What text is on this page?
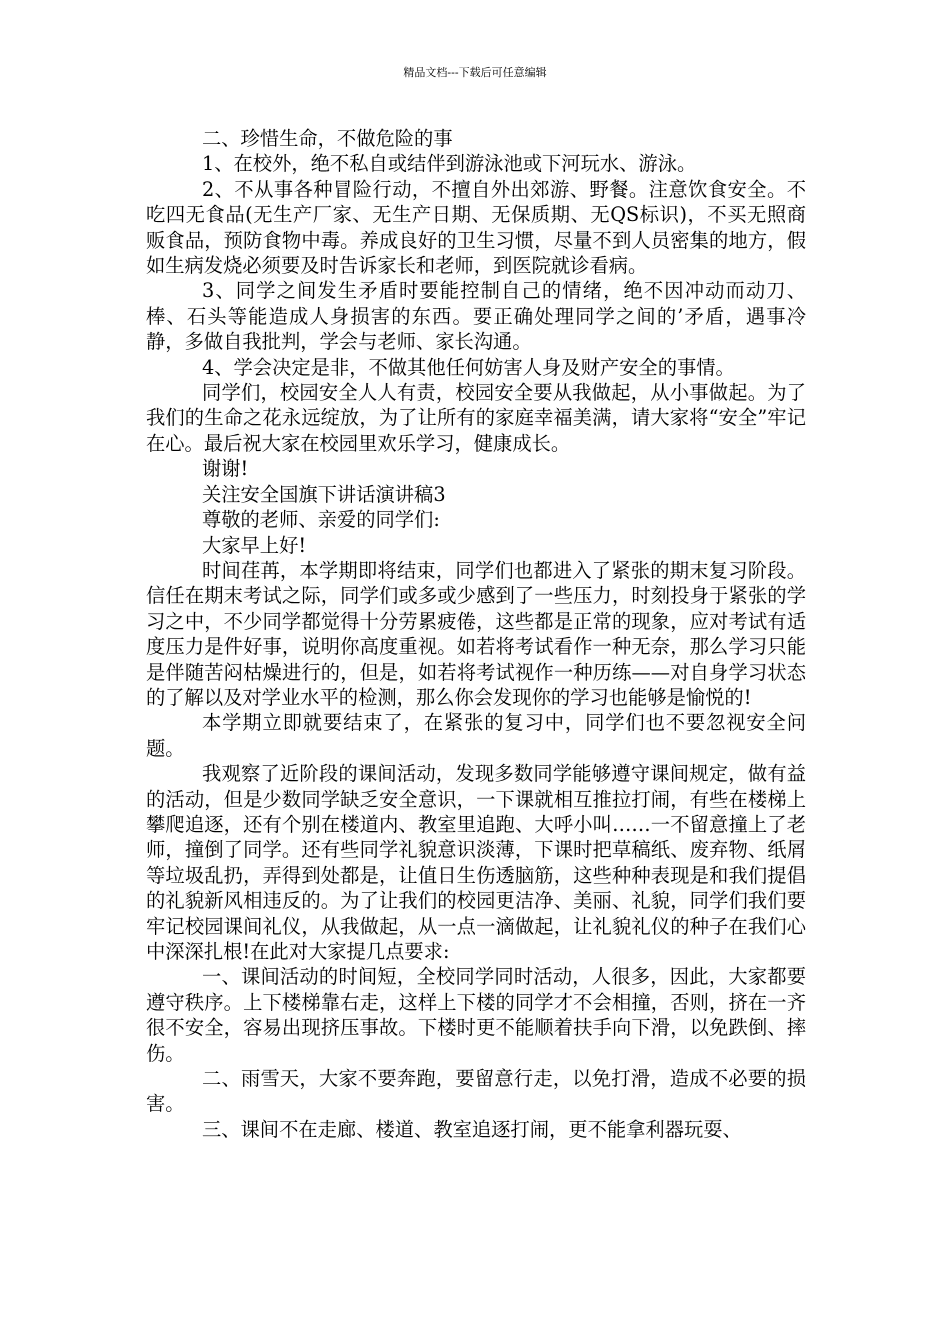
精品文档---下载后可任意编辑

二、珍惜生命，不做危险的事

1、在校外，绝不私自或结伴到游泳池或下河玩水、游泳。

2、不从事各种冒险行动，不擅自外出郊游、野餐。注意饮食安全。不吃四无食品(无生产厂家、无生产日期、无保质期、无QS标识)，不买无照商贩食品，预防食物中毒。养成良好的卫生习惯，尽量不到人员密集的地方，假如生病发烧必须要及时告诉家长和老师，到医院就诊看病。

3、同学之间发生矛盾时要能控制自己的情绪，绝不因冲动而动刀、棒、石头等能造成人身损害的东西。要正确处理同学之间的’矛盾，遇事冷静，多做自我批判，学会与老师、家长沟通。

4、学会决定是非，不做其他任何妨害人身及财产安全的事情。

同学们，校园安全人人有责，校园安全要从我做起，从小事做起。为了我们的生命之花永远绽放，为了让所有的家庭幸福美满，请大家将“安全”牢记在心。最后祝大家在校园里欢乐学习，健康成长。

谢谢!

关注安全国旗下讲话演讲稿3

尊敬的老师、亲爱的同学们:

大家早上好!

时间荏苒，本学期即将结束，同学们也都进入了紧张的期末复习阶段。信任在期末考试之际，同学们或多或少感到了一些压力，时刻投身于紧张的学习之中，不少同学都觉得十分劳累疲倦，这些都是正常的现象，应对考试有适度压力是件好事，说明你高度重视。如若将考试看作一种无奈，那么学习只能是伴随苦闷枯燥进行的，但是，如若将考试视作一种历练——对自身学习状态的了解以及对学业水平的检测，那么你会发现你的学习也能够是愉悦的!

本学期立即就要结束了，在紧张的复习中，同学们也不要忽视安全问题。

我观察了近阶段的课间活动，发现多数同学能够遵守课间规定，做有益的活动，但是少数同学缺乏安全意识，一下课就相互推拉打闹，有些在楼梯上攀爬追逐，还有个别在楼道内、教室里追跑、大呼小叫……一不留意撞上了老师，撞倒了同学。还有些同学礼貌意识淡薄，下课时把草稿纸、废弃物、纸屑等垃圾乱扔，弄得到处都是，让值日生伤透脑筋，这些种种表现是和我们提倡的礼貌新风相违反的。为了让我们的校园更洁净、美丽、礼貌，同学们我们要牢记校园课间礼仪，从我做起，从一点一滴做起，让礼貌礼仪的种子在我们心中深深扎根!在此对大家提几点要求:

一、课间活动的时间短，全校同学同时活动，人很多，因此，大家都要遵守秩序。上下楼梯靠右走，这样上下楼的同学才不会相撞，否则，挤在一齐很不安全，容易出现挤压事故。下楼时更不能顺着扶手向下滑，以免跌倒、摔伤。

二、雨雪天，大家不要奔跑，要留意行走，以免打滑，造成不必要的损害。

三、课间不在走廊、楼道、教室追逐打闹，更不能拿利器玩耍、
